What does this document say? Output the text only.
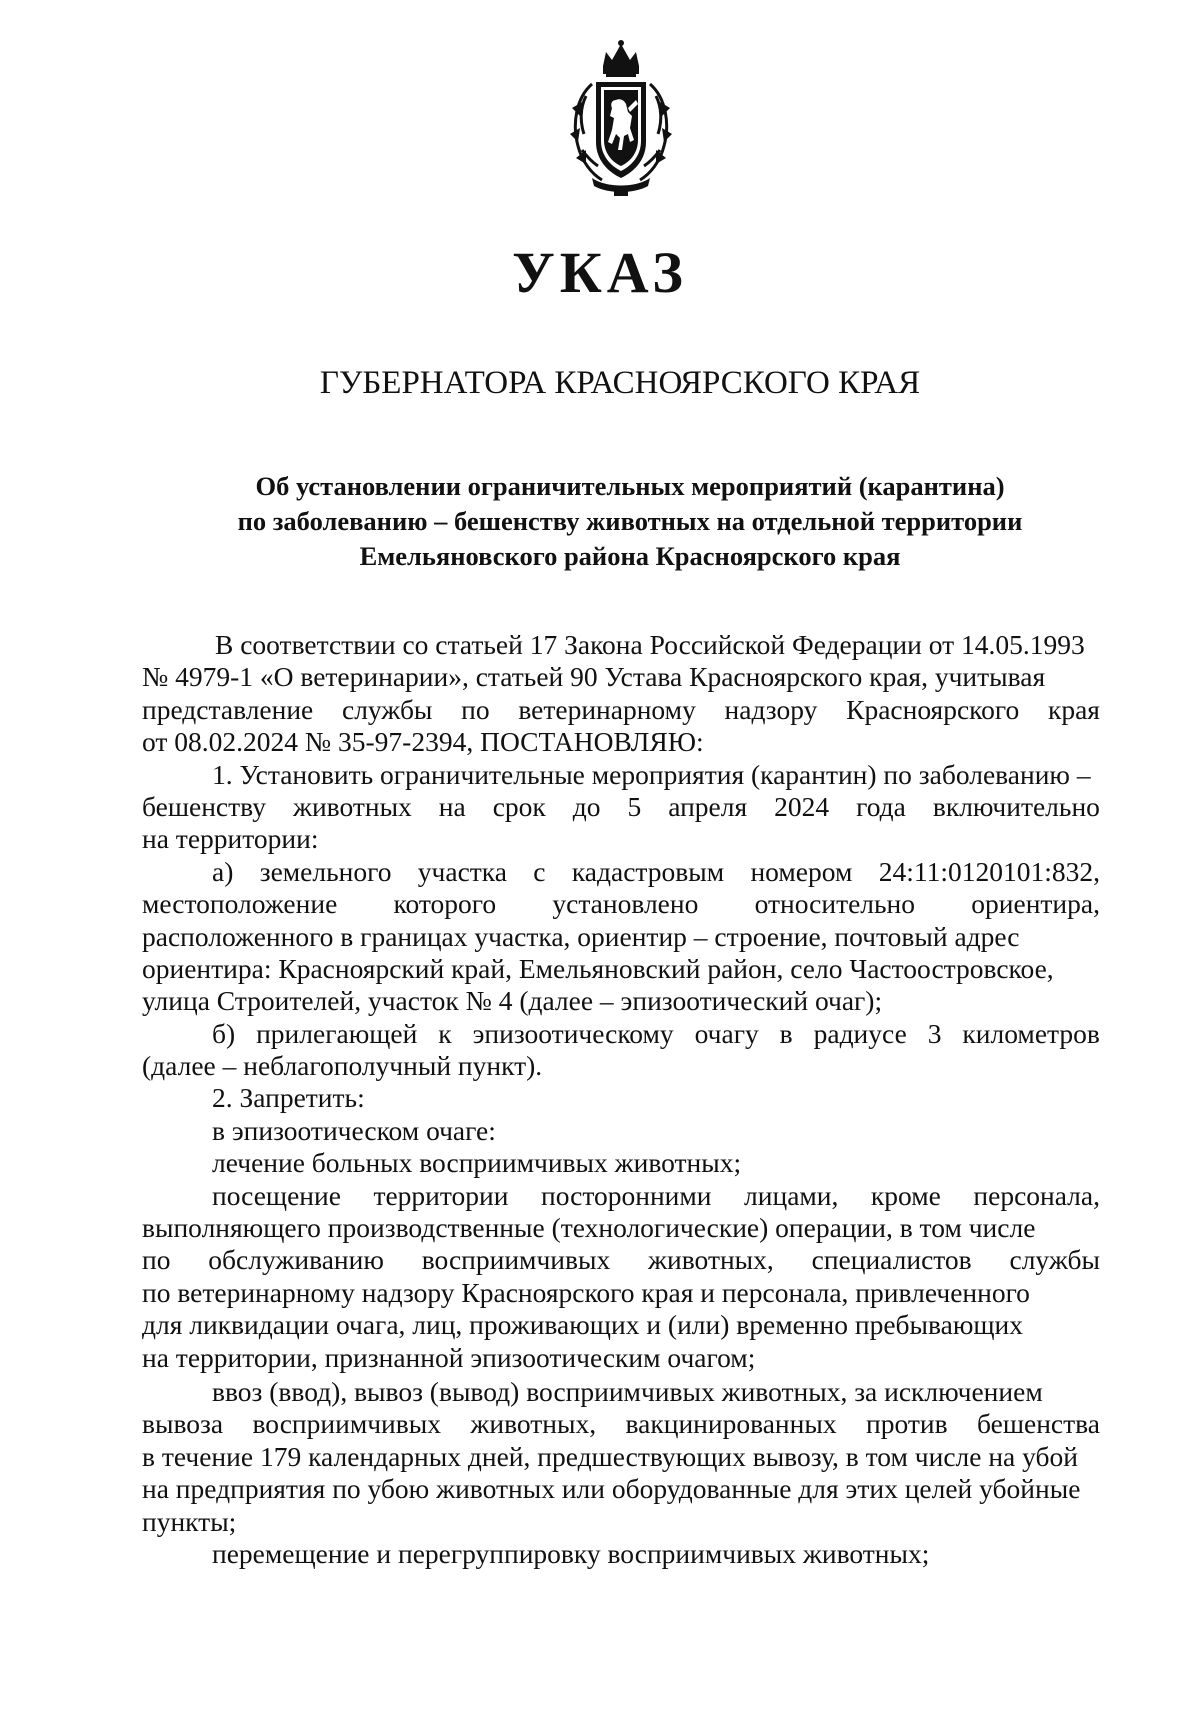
УКАЗ
ГУБЕРНАТОРА КРАСНОЯРСКОГО КРАЯ
Об установлении ограничительных мероприятий (карантина)
по заболеванию – бешенству животных на отдельной территории
Емельяновского района Красноярского края
В соответствии со статьей 17 Закона Российской Федерации от 14.05.1993
№ 4979-1 «О ветеринарии», статьей 90 Устава Красноярского края, учитывая
представление службы по ветеринарному надзору Красноярского края
от 08.02.2024 № 35-97-2394, ПОСТАНОВЛЯЮ:
1. Установить ограничительные мероприятия (карантин) по заболеванию –
бешенству животных на срок до 5 апреля 2024 года включительно
на территории:
а) земельного участка с кадастровым номером 24:11:0120101:832,
местоположение которого установлено относительно ориентира,
расположенного в границах участка, ориентир – строение, почтовый адрес
ориентира: Красноярский край, Емельяновский район, село Частоостровское,
улица Строителей, участок № 4 (далее – эпизоотический очаг);
б) прилегающей к эпизоотическому очагу в радиусе 3 километров
(далее – неблагополучный пункт).
2. Запретить:
в эпизоотическом очаге:
лечение больных восприимчивых животных;
посещение территории посторонними лицами, кроме персонала,
выполняющего производственные (технологические) операции, в том числе
по обслуживанию восприимчивых животных, специалистов службы
по ветеринарному надзору Красноярского края и персонала, привлеченного
для ликвидации очага, лиц, проживающих и (или) временно пребывающих
на территории, признанной эпизоотическим очагом;
ввоз (ввод), вывоз (вывод) восприимчивых животных, за исключением
вывоза восприимчивых животных, вакцинированных против бешенства
в течение 179 календарных дней, предшествующих вывозу, в том числе на убой
на предприятия по убою животных или оборудованные для этих целей убойные
пункты;
перемещение и перегруппировку восприимчивых животных;
